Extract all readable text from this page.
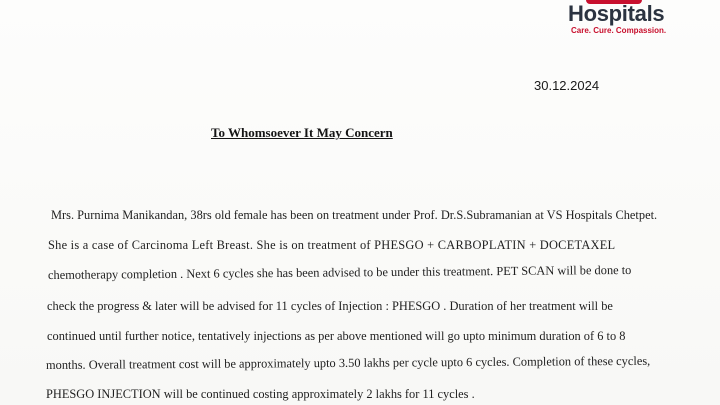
Hospitals
Care. Cure. Compassion.
30.12.2024
To Whomsoever It May Concern
Mrs. Purnima Manikandan, 38rs old female has been on treatment under Prof. Dr.S.Subramanian at VS Hospitals Chetpet.
She is a case of Carcinoma Left Breast. She is on treatment of PHESGO + CARBOPLATIN + DOCETAXEL
chemotherapy completion . Next 6 cycles she has been advised to be under this treatment. PET SCAN will be done to
check the progress & later will be advised for 11 cycles of Injection : PHESGO . Duration of her treatment will be
continued until further notice, tentatively injections as per above mentioned will go upto minimum duration of 6 to 8
months. Overall treatment cost will be approximately upto 3.50 lakhs per cycle upto 6 cycles. Completion of these cycles,
PHESGO INJECTION will be continued costing approximately 2 lakhs for 11 cycles .
